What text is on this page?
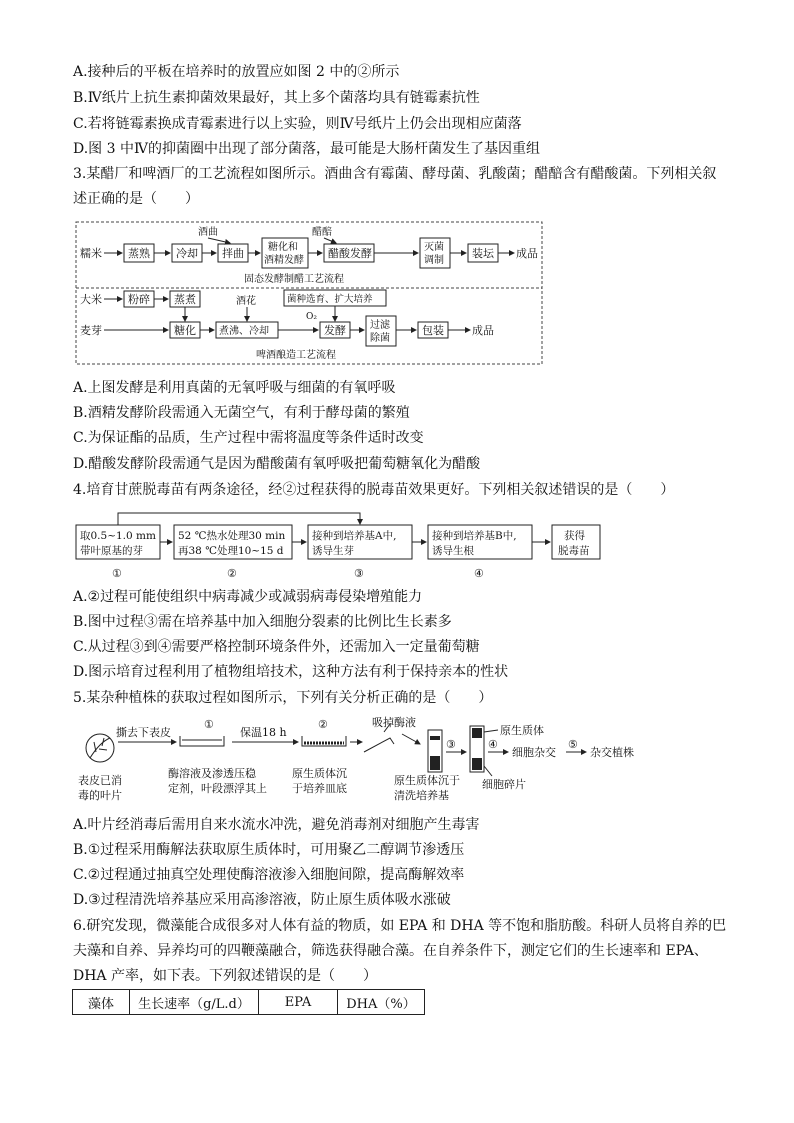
A.接种后的平板在培养时的放置应如图 2 中的②所示
B.Ⅳ纸片上抗生素抑菌效果最好，其上多个菌落均具有链霉素抗性
C.若将链霉素换成青霉素进行以上实验，则Ⅳ号纸片上仍会出现相应菌落
D.图 3 中Ⅳ的抑菌圈中出现了部分菌落，最可能是大肠杆菌发生了基因重组
3.某醋厂和啤酒厂的工艺流程如图所示。酒曲含有霉菌、酵母菌、乳酸菌；醋醅含有醋酸菌。下列相关叙
述正确的是（　　）
糯米 蒸熟 冷却 拌曲
酒曲
糖化和
酒精发酵
醋酸发酵
醋醅
灭菌
调制
装坛 成品
固态发酵制醋工艺流程
大米 粉碎 蒸煮
麦芽	糖化 煮沸、冷却
酒花	菌种选育、扩大培养
O₂
发酵 过滤
除菌
包装	成品
啤酒酿造工艺流程
A.上图发酵是利用真菌的无氧呼吸与细菌的有氧呼吸
B.酒精发酵阶段需通入无菌空气，有利于酵母菌的繁殖
C.为保证酯的品质，生产过程中需将温度等条件适时改变
D.醋酸发酵阶段需通气是因为醋酸菌有氧呼吸把葡萄糖氧化为醋酸
4.培育甘蔗脱毒苗有两条途径，经②过程获得的脱毒苗效果更好。下列相关叙述错误的是（　　）
取0.5~1.0 mm
带叶原基的芽
52 ℃热水处理30 min
再38 ℃处理10~15 d
接种到培养基A中,
诱导生芽
接种到培养基B中,
诱导生根
获得
脱毒苗
①	②	③	④
A.②过程可能使组织中病毒减少或减弱病毒侵染增殖能力
B.图中过程③需在培养基中加入细胞分裂素的比例比生长素多
C.从过程③到④需要严格控制环境条件外，还需加入一定量葡萄糖
D.图示培育过程利用了植物组培技术，这种方法有利于保持亲本的性状
5.某杂种植株的获取过程如图所示，下列有关分析正确的是（　　）
表皮已消
毒的叶片
撕去下表皮
①
酶溶液及渗透压稳
定剂，叶段漂浮其上
保温18 h
②
原生质体沉
于培养皿底
吸掉酶液
③
原生质体沉于
清洗培养基
原生质体
细胞碎片
④
细胞杂交
⑤
杂交植株
A.叶片经消毒后需用自来水流水冲洗，避免消毒剂对细胞产生毒害
B.①过程采用酶解法获取原生质体时，可用聚乙二醇调节渗透压
C.②过程通过抽真空处理使酶溶液渗入细胞间隙，提高酶解效率
D.③过程清洗培养基应采用高渗溶液，防止原生质体吸水涨破
6.研究发现，微藻能合成很多对人体有益的物质，如 EPA 和 DHA 等不饱和脂肪酸。科研人员将自养的巴
夫藻和自养、异养均可的四鞭藻融合，筛选获得融合藻。在自养条件下，测定它们的生长速率和 EPA、
DHA 产率，如下表。下列叙述错误的是（　　）
藻体	生长速率（g/L.d）	EPA	DHA（%）
